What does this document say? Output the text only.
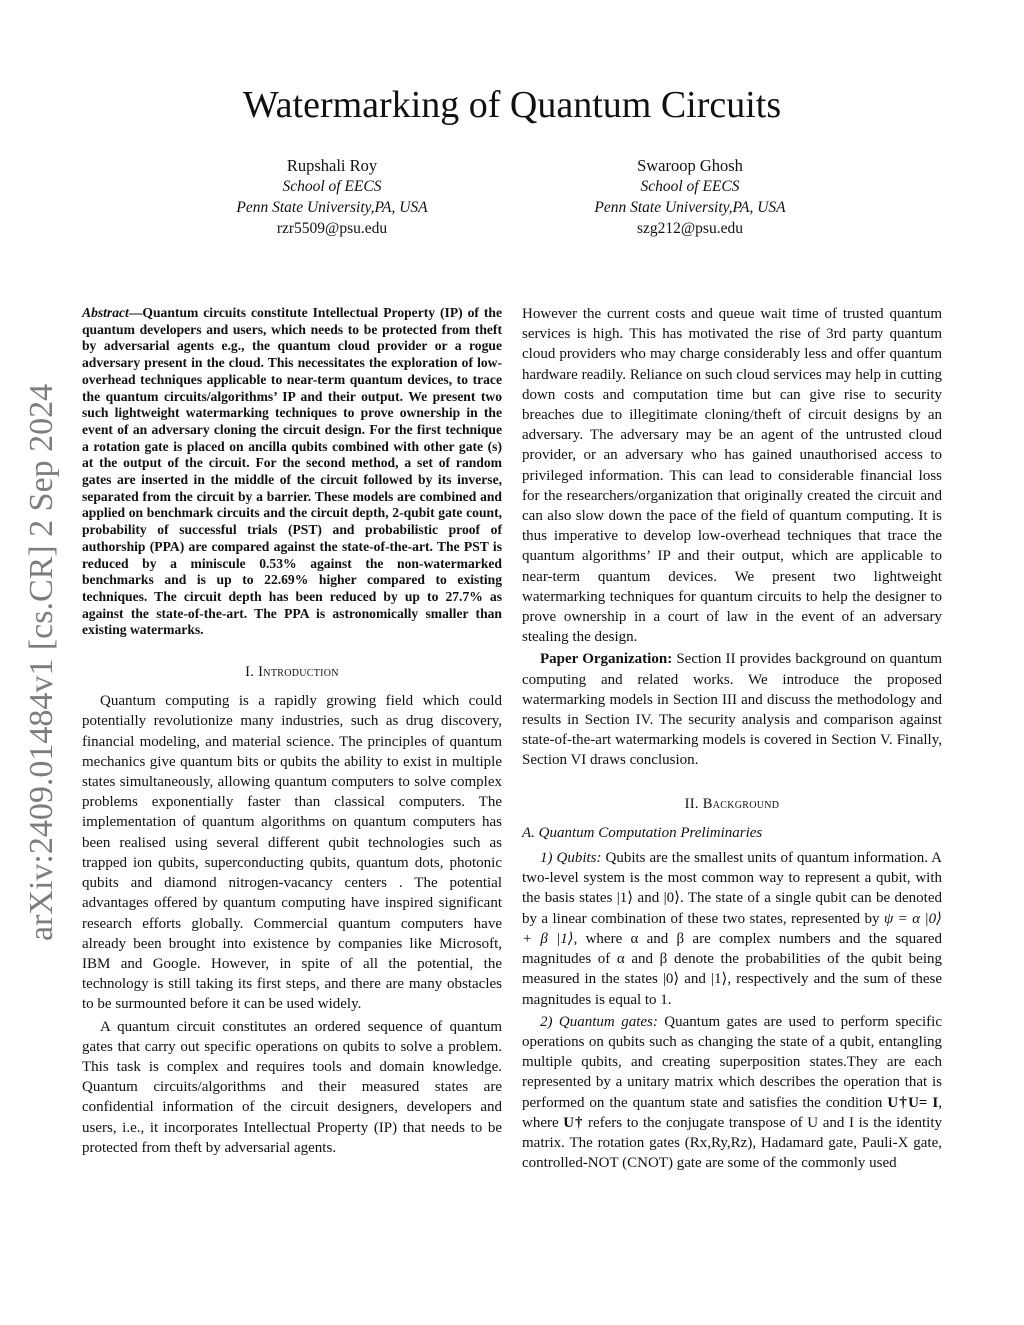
Watermarking of Quantum Circuits
Rupshali Roy
School of EECS
Penn State University,PA, USA
rzr5509@psu.edu
Swaroop Ghosh
School of EECS
Penn State University,PA, USA
szg212@psu.edu
arXiv:2409.01484v1 [cs.CR] 2 Sep 2024

Abstract—Quantum circuits constitute Intellectual Property (IP) of the quantum developers and users, which needs to be protected from theft by adversarial agents e.g., the quantum cloud provider or a rogue adversary present in the cloud. This necessitates the exploration of low-overhead techniques applicable to near-term quantum devices, to trace the quantum circuits/algorithms’ IP and their output. We present two such lightweight watermarking techniques to prove ownership in the event of an adversary cloning the circuit design. For the first technique a rotation gate is placed on ancilla qubits combined with other gate (s) at the output of the circuit. For the second method, a set of random gates are inserted in the middle of the circuit followed by its inverse, separated from the circuit by a barrier. These models are combined and applied on benchmark circuits and the circuit depth, 2-qubit gate count, probability of successful trials (PST) and probabilistic proof of authorship (PPA) are compared against the state-of-the-art. The PST is reduced by a miniscule 0.53% against the non-watermarked benchmarks and is up to 22.69% higher compared to existing techniques. The circuit depth has been reduced by up to 27.7% as against the state-of-the-art. The PPA is astronomically smaller than existing watermarks.

I. Introduction

Quantum computing is a rapidly growing field which could potentially revolutionize many industries, such as drug discovery, financial modeling, and material science. The principles of quantum mechanics give quantum bits or qubits the ability to exist in multiple states simultaneously, allowing quantum computers to solve complex problems exponentially faster than classical computers. The implementation of quantum algorithms on quantum computers has been realised using several different qubit technologies such as trapped ion qubits, superconducting qubits, quantum dots, photonic qubits and diamond nitrogen-vacancy centers . The potential advantages offered by quantum computing have inspired significant research efforts globally. Commercial quantum computers have already been brought into existence by companies like Microsoft, IBM and Google. However, in spite of all the potential, the technology is still taking its first steps, and there are many obstacles to be surmounted before it can be used widely.

A quantum circuit constitutes an ordered sequence of quantum gates that carry out specific operations on qubits to solve a problem. This task is complex and requires tools and domain knowledge. Quantum circuits/algorithms and their measured states are confidential information of the circuit designers, developers and users, i.e., it incorporates Intellectual Property (IP) that needs to be protected from theft by adversarial agents.

However the current costs and queue wait time of trusted quantum services is high. This has motivated the rise of 3rd party quantum cloud providers who may charge considerably less and offer quantum hardware readily. Reliance on such cloud services may help in cutting down costs and computation time but can give rise to security breaches due to illegitimate cloning/theft of circuit designs by an adversary. The adversary may be an agent of the untrusted cloud provider, or an adversary who has gained unauthorised access to privileged information. This can lead to considerable financial loss for the researchers/organization that originally created the circuit and can also slow down the pace of the field of quantum computing. It is thus imperative to develop low-overhead techniques that trace the quantum algorithms’ IP and their output, which are applicable to near-term quantum devices. We present two lightweight watermarking techniques for quantum circuits to help the designer to prove ownership in a court of law in the event of an adversary stealing the design.

Paper Organization: Section II provides background on quantum computing and related works. We introduce the proposed watermarking models in Section III and discuss the methodology and results in Section IV. The security analysis and comparison against state-of-the-art watermarking models is covered in Section V. Finally, Section VI draws conclusion.

II. Background
A. Quantum Computation Preliminaries

1) Qubits: Qubits are the smallest units of quantum information. A two-level system is the most common way to represent a qubit, with the basis states |1⟩ and |0⟩. The state of a single qubit can be denoted by a linear combination of these two states, represented by ψ = α |0⟩ + β |1⟩, where α and β are complex numbers and the squared magnitudes of α and β denote the probabilities of the qubit being measured in the states |0⟩ and |1⟩, respectively and the sum of these magnitudes is equal to 1.

2) Quantum gates: Quantum gates are used to perform specific operations on qubits such as changing the state of a qubit, entangling multiple qubits, and creating superposition states.They are each represented by a unitary matrix which describes the operation that is performed on the quantum state and satisfies the condition U†U= I, where U† refers to the conjugate transpose of U and I is the identity matrix. The rotation gates (Rx,Ry,Rz), Hadamard gate, Pauli-X gate, controlled-NOT (CNOT) gate are some of the commonly used
